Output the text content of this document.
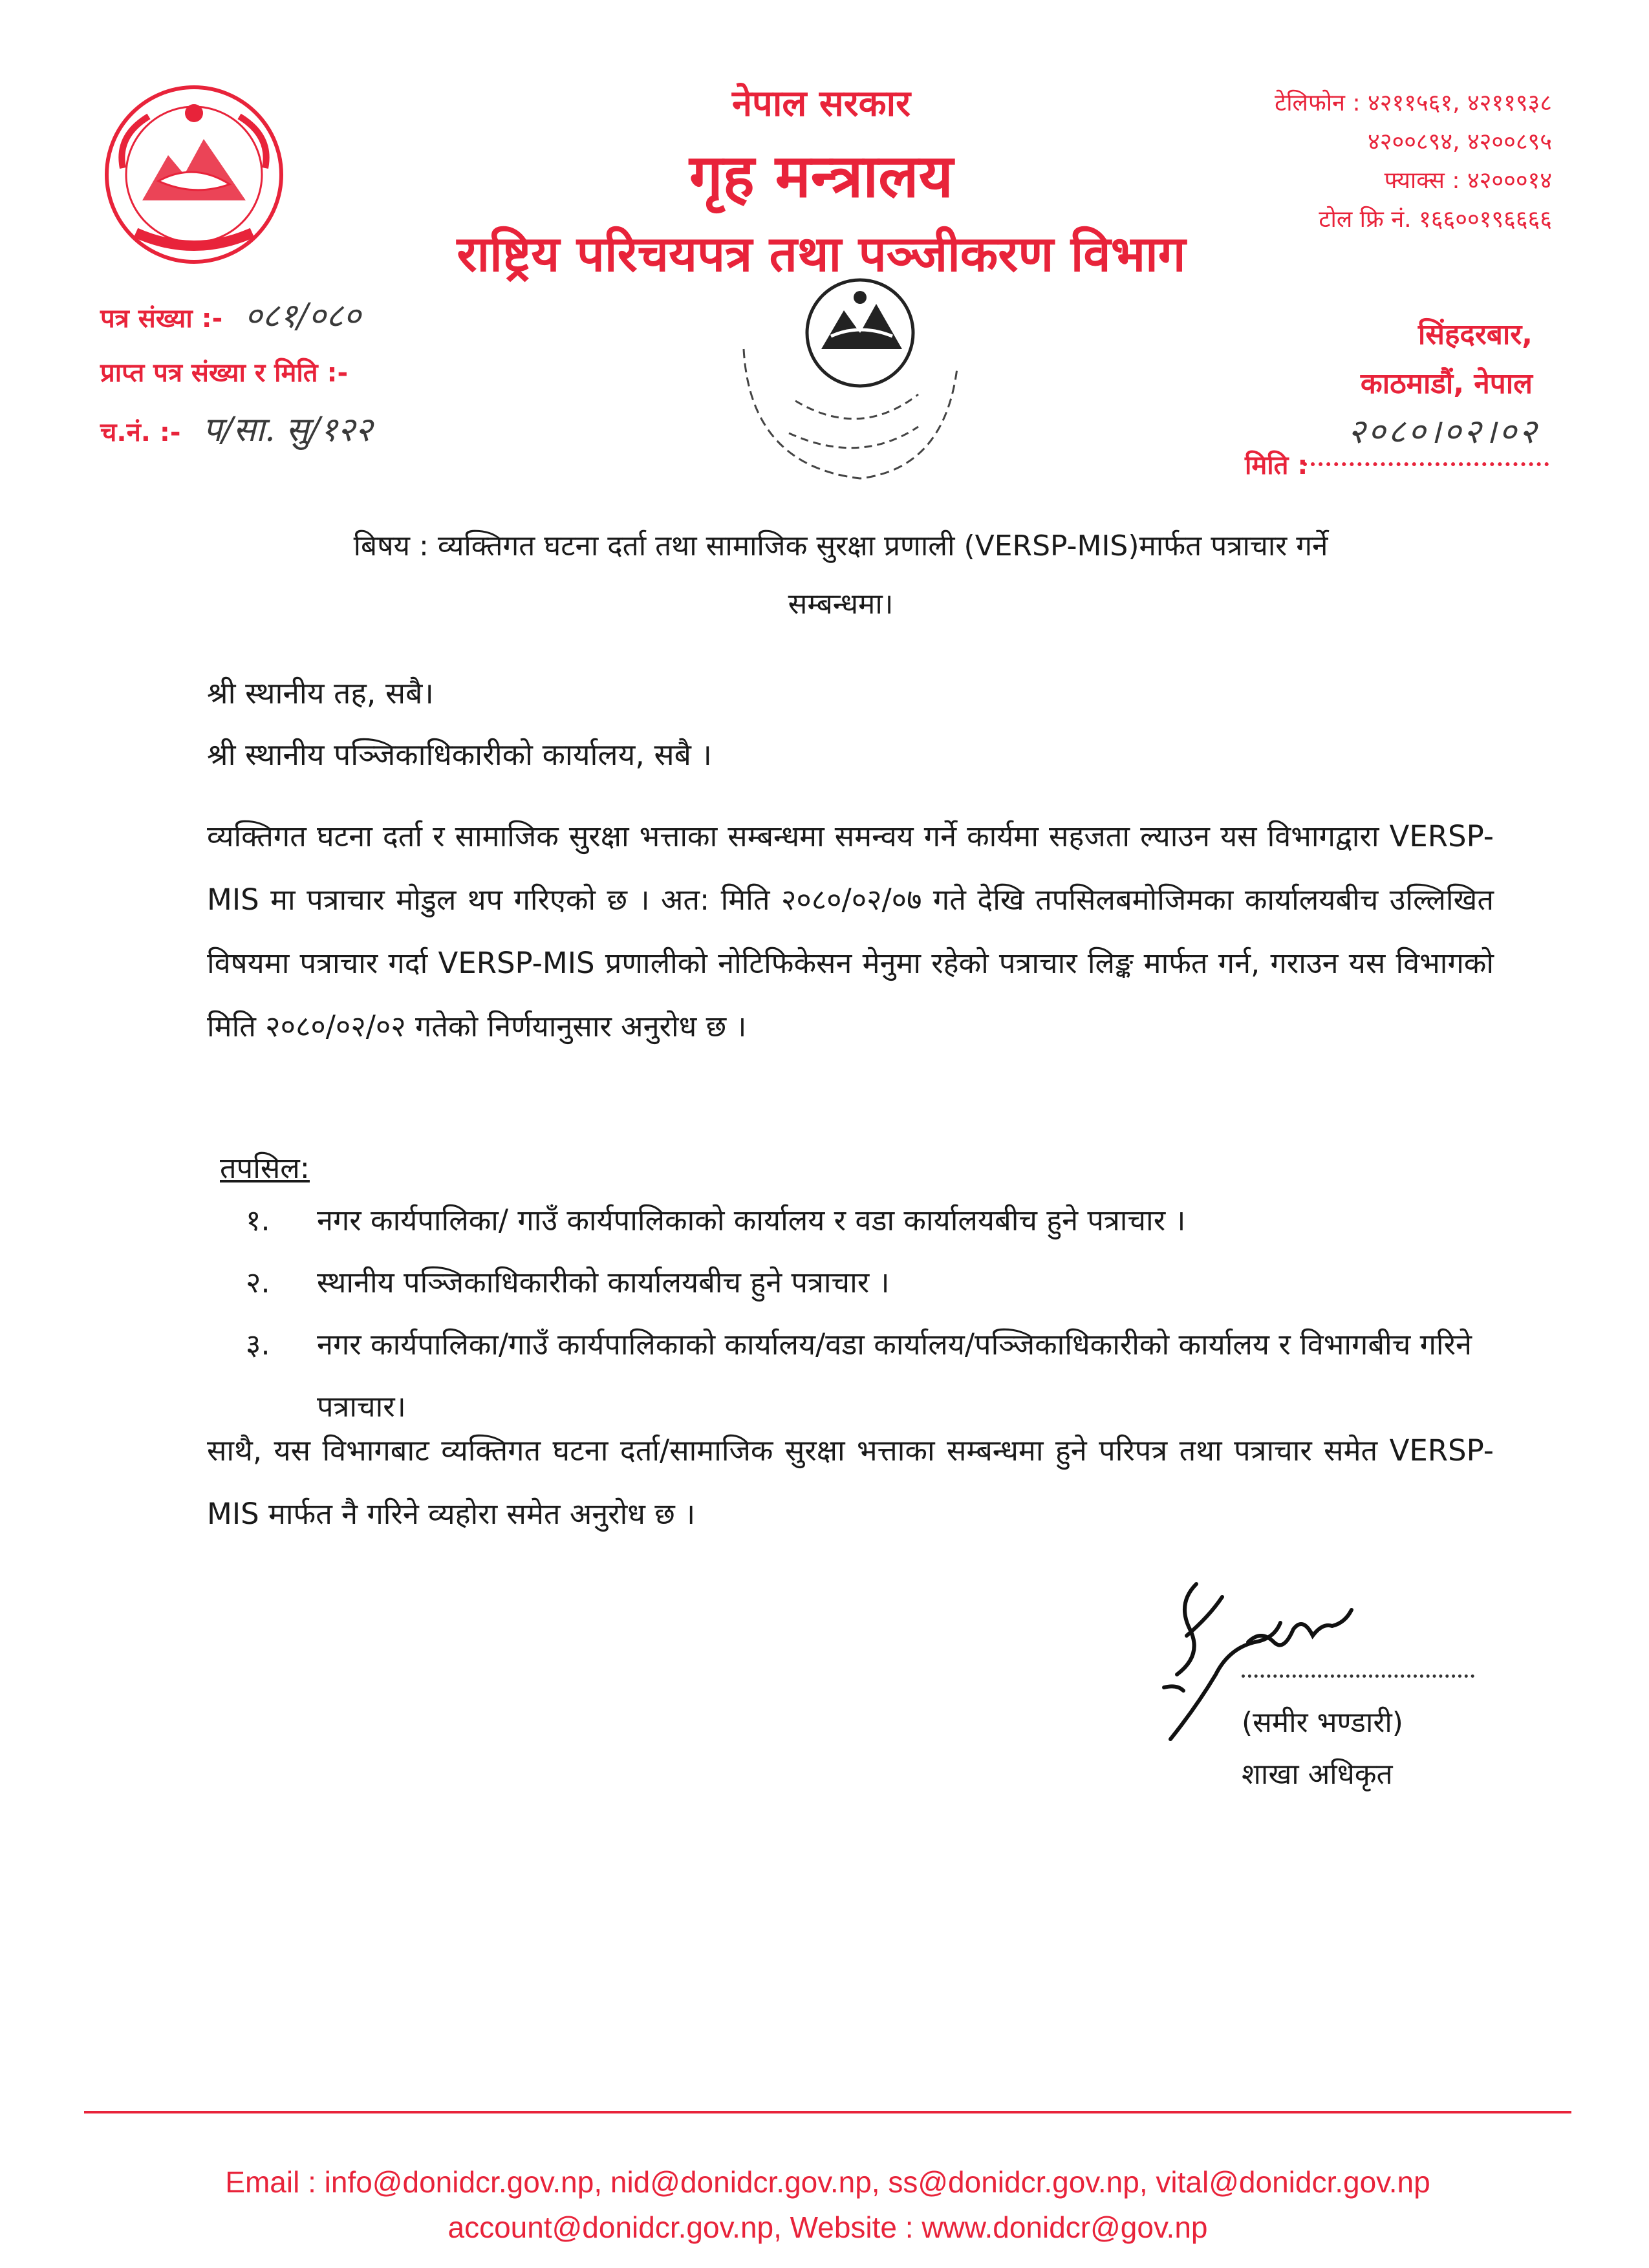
नेपाल सरकार
गृह मन्त्रालय
राष्ट्रिय परिचयपत्र तथा पञ्जीकरण विभाग
टेलिफोन : ४२११५६१, ४२११९३८
४२००८९४, ४२००८९५
फ्याक्स : ४२०००१४
टोल फ्रि नं. १६६००१९६६६६
पत्र संख्या :- ०८१/०८०
प्राप्त पत्र संख्या र मिति :-
च.नं. :- प/सा. सु/१२२
सिंहदरबार,
काठमाडौं, नेपाल
२०८०।०२।०२
मिति :
बिषय : व्यक्तिगत घटना दर्ता तथा सामाजिक सुरक्षा प्रणाली (VERSP-MIS)मार्फत पत्राचार गर्ने
सम्बन्धमा।
श्री स्थानीय तह, सबै।
श्री स्थानीय पञ्जिकाधिकारीको कार्यालय, सबै ।
व्यक्तिगत घटना दर्ता र सामाजिक सुरक्षा भत्ताका सम्बन्धमा समन्वय गर्ने कार्यमा सहजता ल्याउन यस विभागद्वारा VERSP-MIS मा पत्राचार मोडुल थप गरिएको छ । अत: मिति २०८०/०२/०७ गते देखि तपसिलबमोजिमका कार्यालयबीच उल्लिखित विषयमा पत्राचार गर्दा VERSP-MIS प्रणालीको नोटिफिकेसन मेनुमा रहेको पत्राचार लिङ्क मार्फत गर्न, गराउन यस विभागको मिति २०८०/०२/०२ गतेको निर्णयानुसार अनुरोध छ ।
तपसिल:
१.	नगर कार्यपालिका/ गाउँ कार्यपालिकाको कार्यालय र वडा कार्यालयबीच हुने पत्राचार ।
२.	स्थानीय पञ्जिकाधिकारीको कार्यालयबीच हुने पत्राचार ।
३.	नगर कार्यपालिका/गाउँ कार्यपालिकाको कार्यालय/वडा कार्यालय/पञ्जिकाधिकारीको कार्यालय र विभागबीच गरिने पत्राचार।
साथै, यस विभागबाट व्यक्तिगत घटना दर्ता/सामाजिक सुरक्षा भत्ताका सम्बन्धमा हुने परिपत्र तथा पत्राचार समेत VERSP-MIS मार्फत नै गरिने व्यहोरा समेत अनुरोध छ ।
(समीर भण्डारी)
शाखा अधिकृत
Email : info@donidcr.gov.np, nid@donidcr.gov.np, ss@donidcr.gov.np, vital@donidcr.gov.np
account@donidcr.gov.np, Website : www.donidcr@gov.np
